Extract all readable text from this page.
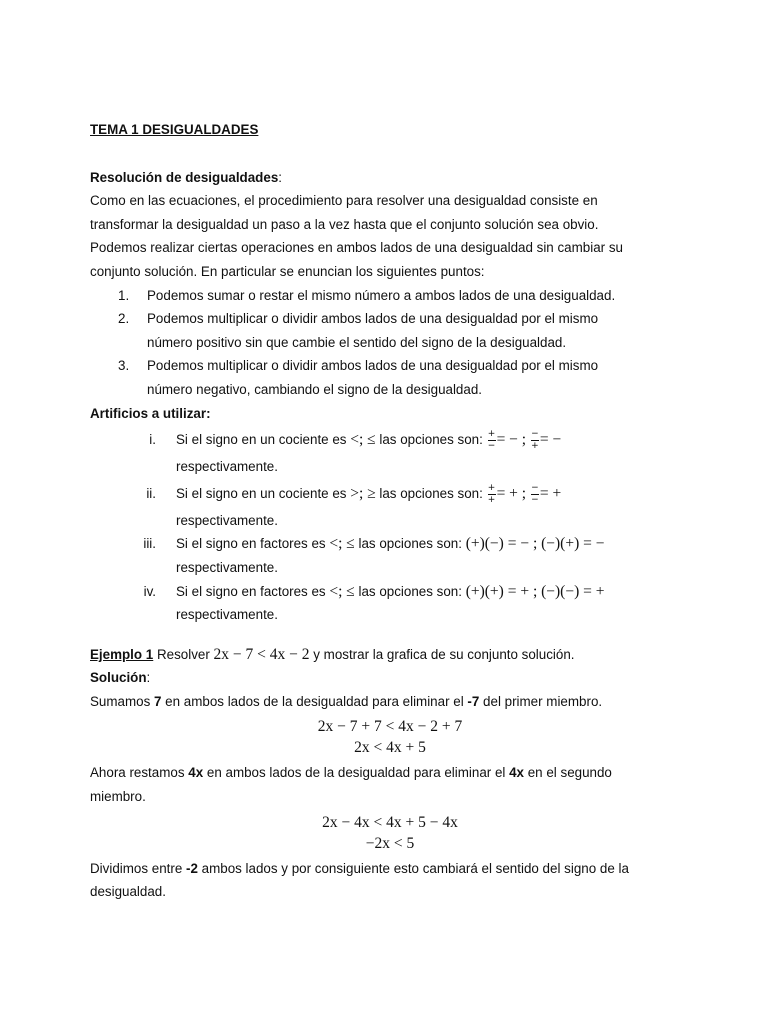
TEMA 1 DESIGUALDADES

Resolución de desigualdades:

Como en las ecuaciones, el procedimiento para resolver una desigualdad consiste en

transformar la desigualdad un paso a la vez hasta que el conjunto solución sea obvio.

Podemos realizar ciertas operaciones en ambos lados de una desigualdad sin cambiar su

conjunto solución. En particular se enuncian los siguientes puntos:

1.	Podemos sumar o restar el mismo número a ambos lados de una desigualdad.
2.	Podemos multiplicar o dividir ambos lados de una desigualdad por el mismo
número positivo sin que cambie el sentido del signo de la desigualdad.
3.	Podemos multiplicar o dividir ambos lados de una desigualdad por el mismo
número negativo, cambiando el signo de la desigualdad.

Artificios a utilizar:

i. Si el signo en un cociente es <; ≤ las opciones son: $\frac{+}{-}$ = − ; $\frac{-}{+}$ = −
respectivamente.
ii. Si el signo en un cociente es >; ≥ las opciones son: $\frac{+}{+}$ = + ; $\frac{-}{-}$ = +
respectivamente.
iii. Si el signo en factores es <; ≤ las opciones son: (+)(−) = − ; (−)(+) = −
respectivamente.
iv. Si el signo en factores es <; ≤ las opciones son: (+)(+) = + ; (−)(−) = +
respectivamente.

Ejemplo 1 Resolver 2x − 7 < 4x − 2 y mostrar la grafica de su conjunto solución.

Solución:

Sumamos 7 en ambos lados de la desigualdad para eliminar el -7 del primer miembro.

2x − 7 + 7 < 4x − 2 + 7
2x < 4x + 5

Ahora restamos 4x en ambos lados de la desigualdad para eliminar el 4x en el segundo

miembro.

2x − 4x < 4x + 5 − 4x
−2x < 5

Dividimos entre -2 ambos lados y por consiguiente esto cambiará el sentido del signo de la

desigualdad.
